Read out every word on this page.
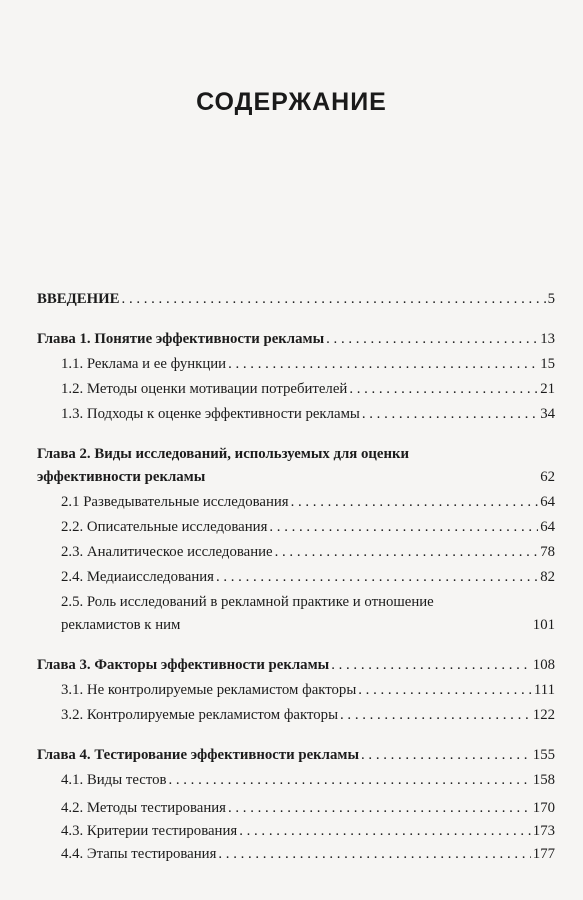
СОДЕРЖАНИЕ
ВВЕДЕНИЕ . . .	5
Глава 1. Понятие эффективности рекламы . . .	13
1.1. Реклама и ее функции . . .	15
1.2. Методы оценки мотивации потребителей . . .	21
1.3. Подходы к оценке эффективности рекламы . . .	34
Глава 2. Виды исследований, используемых для оценки
эффективности рекламы	62
2.1 Разведывательные исследования . . .	64
2.2. Описательные исследования . . .	64
2.3. Аналитическое исследование . . .	78
2.4. Медиаисследования . . .	82
2.5. Роль исследований в рекламной практике и отношение
рекламистов к ним	101
Глава 3. Факторы эффективности рекламы . . .	108
3.1. Не контролируемые рекламистом факторы . . .	111
3.2. Контролируемые рекламистом факторы . . .	122
Глава 4. Тестирование эффективности рекламы . . .	155
4.1. Виды тестов . . .	158
4.2. Методы тестирования . . .	170
4.3. Критерии тестирования . . .	173
4.4. Этапы тестирования . . .	177
